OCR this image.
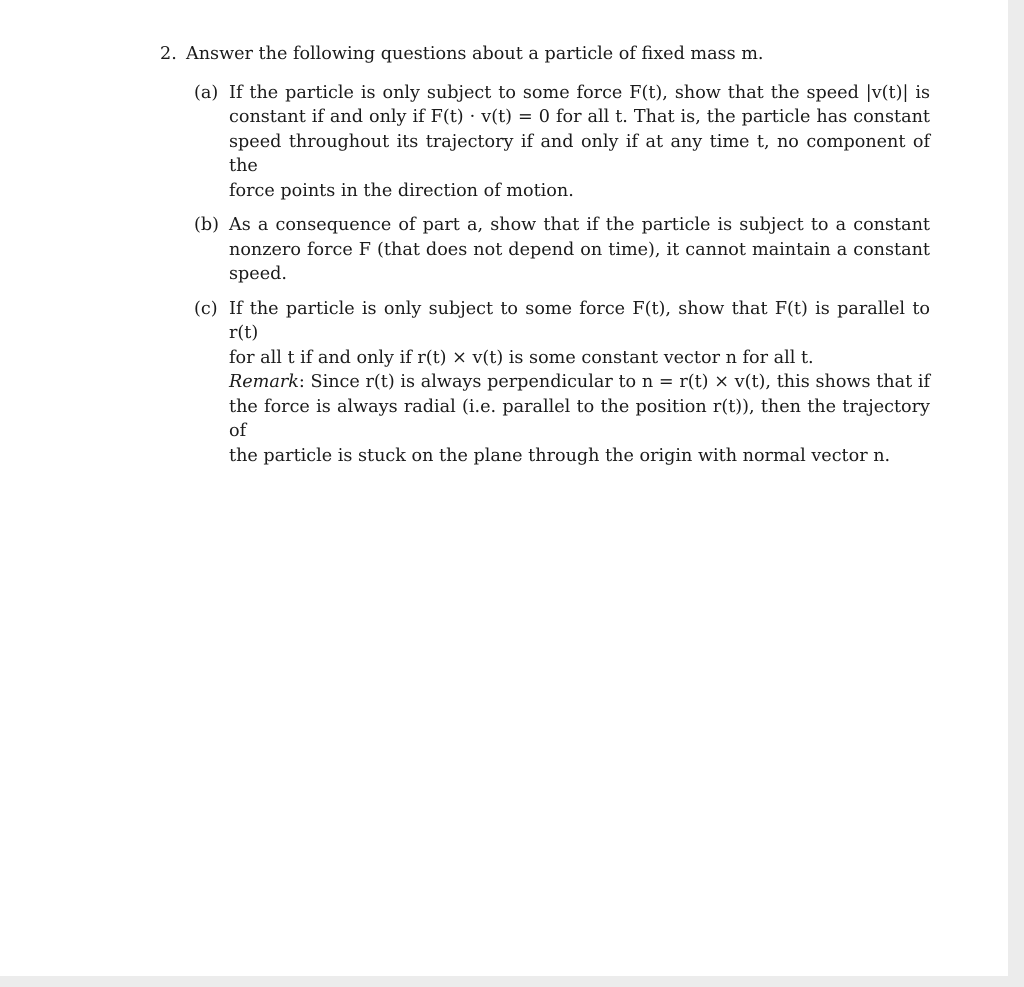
2. Answer the following questions about a particle of fixed mass m.
(a) If the particle is only subject to some force F(t), show that the speed |v(t)| is
constant if and only if F(t) · v(t) = 0 for all t. That is, the particle has constant
speed throughout its trajectory if and only if at any time t, no component of the
force points in the direction of motion.
(b) As a consequence of part a, show that if the particle is subject to a constant
nonzero force F (that does not depend on time), it cannot maintain a constant
speed.
(c) If the particle is only subject to some force F(t), show that F(t) is parallel to r(t)
for all t if and only if r(t) × v(t) is some constant vector n for all t.
Remark: Since r(t) is always perpendicular to n = r(t) × v(t), this shows that if
the force is always radial (i.e. parallel to the position r(t)), then the trajectory of
the particle is stuck on the plane through the origin with normal vector n.
